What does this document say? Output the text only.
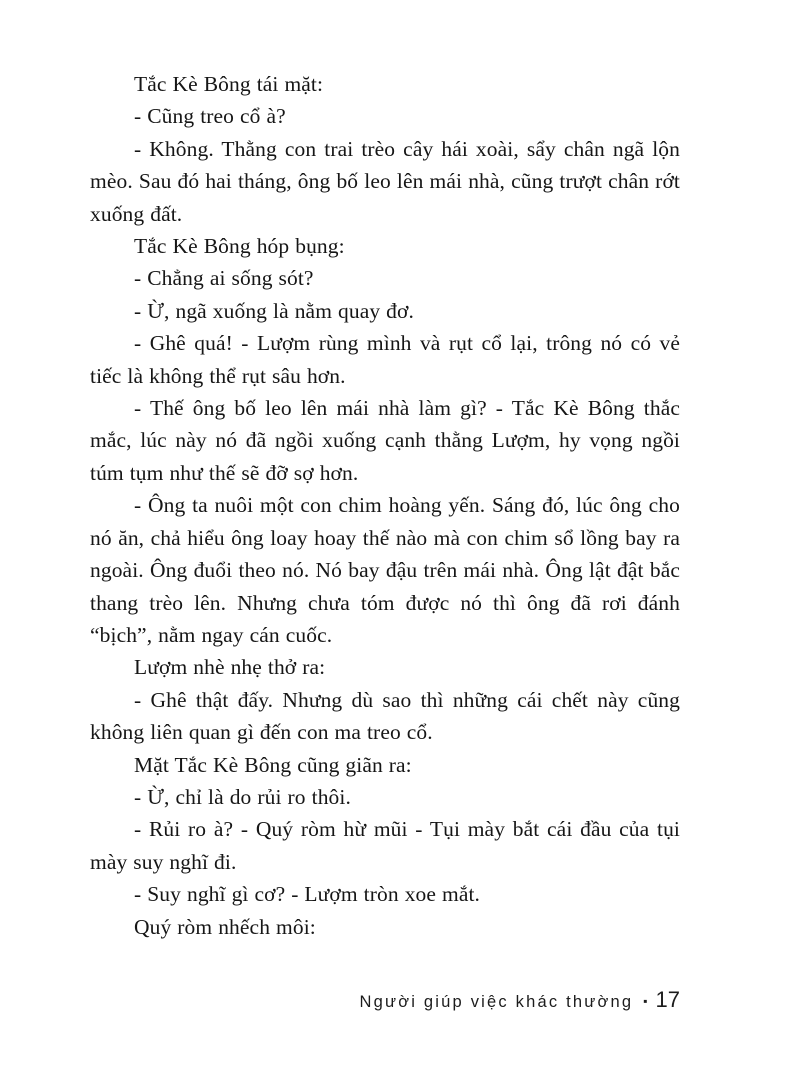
Tắc Kè Bông tái mặt:

- Cũng treo cổ à?

- Không. Thằng con trai trèo cây hái xoài, sẩy chân ngã lộn mèo. Sau đó hai tháng, ông bố leo lên mái nhà, cũng trượt chân rớt xuống đất.

Tắc Kè Bông hóp bụng:

- Chẳng ai sống sót?

- Ừ, ngã xuống là nằm quay đơ.

- Ghê quá! - Lượm rùng mình và rụt cổ lại, trông nó có vẻ tiếc là không thể rụt sâu hơn.

- Thế ông bố leo lên mái nhà làm gì? - Tắc Kè Bông thắc mắc, lúc này nó đã ngồi xuống cạnh thằng Lượm, hy vọng ngồi túm tụm như thế sẽ đỡ sợ hơn.

- Ông ta nuôi một con chim hoàng yến. Sáng đó, lúc ông cho nó ăn, chả hiểu ông loay hoay thế nào mà con chim sổ lồng bay ra ngoài. Ông đuổi theo nó. Nó bay đậu trên mái nhà. Ông lật đật bắc thang trèo lên. Nhưng chưa tóm được nó thì ông đã rơi đánh “bịch”, nằm ngay cán cuốc.

Lượm nhè nhẹ thở ra:

- Ghê thật đấy. Nhưng dù sao thì những cái chết này cũng không liên quan gì đến con ma treo cổ.

Mặt Tắc Kè Bông cũng giãn ra:

- Ừ, chỉ là do rủi ro thôi.

- Rủi ro à? - Quý ròm hừ mũi - Tụi mày bắt cái đầu của tụi mày suy nghĩ đi.

- Suy nghĩ gì cơ? - Lượm tròn xoe mắt.

Quý ròm nhếch môi:

Người giúp việc khác thường ▪ 17
